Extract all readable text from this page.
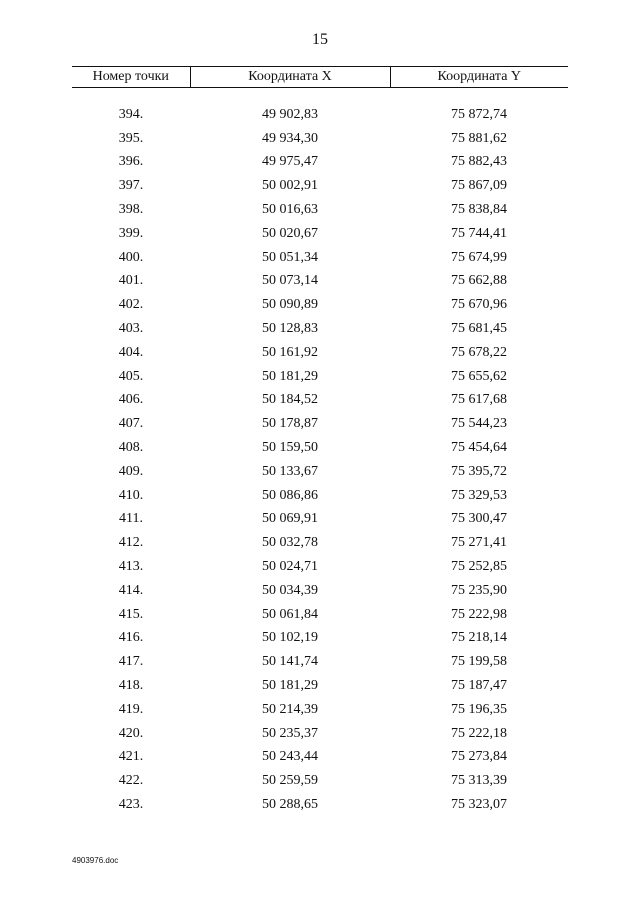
15
Номер точки	Координата X	Координата Y

394.	49 902,83	75 872,74
395.	49 934,30	75 881,62
396.	49 975,47	75 882,43
397.	50 002,91	75 867,09
398.	50 016,63	75 838,84
399.	50 020,67	75 744,41
400.	50 051,34	75 674,99
401.	50 073,14	75 662,88
402.	50 090,89	75 670,96
403.	50 128,83	75 681,45
404.	50 161,92	75 678,22
405.	50 181,29	75 655,62
406.	50 184,52	75 617,68
407.	50 178,87	75 544,23
408.	50 159,50	75 454,64
409.	50 133,67	75 395,72
410.	50 086,86	75 329,53
411.	50 069,91	75 300,47
412.	50 032,78	75 271,41
413.	50 024,71	75 252,85
414.	50 034,39	75 235,90
415.	50 061,84	75 222,98
416.	50 102,19	75 218,14
417.	50 141,74	75 199,58
418.	50 181,29	75 187,47
419.	50 214,39	75 196,35
420.	50 235,37	75 222,18
421.	50 243,44	75 273,84
422.	50 259,59	75 313,39
423.	50 288,65	75 323,07
4903976.doc
